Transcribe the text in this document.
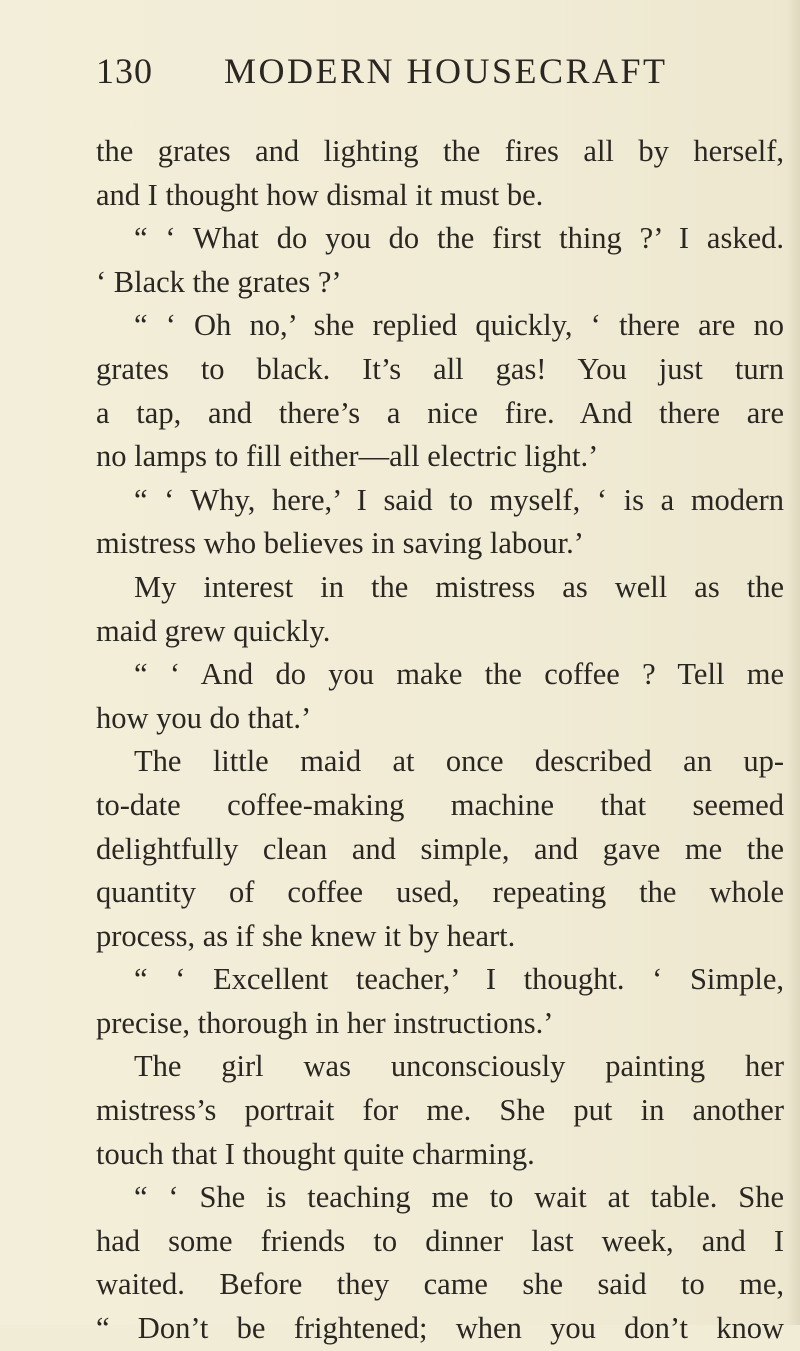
130 MODERN HOUSECRAFT
the grates and lighting the fires all by herself,
and I thought how dismal it must be.
“ ‘ What do you do the first thing ?’ I asked.
‘ Black the grates ?’
“ ‘ Oh no,’ she replied quickly, ‘ there are no
grates to black. It’s all gas! You just turn
a tap, and there’s a nice fire. And there are
no lamps to fill either—all electric light.’
“ ‘ Why, here,’ I said to myself, ‘ is a modern
mistress who believes in saving labour.’
My interest in the mistress as well as the
maid grew quickly.
“ ‘ And do you make the coffee ? Tell me
how you do that.’
The little maid at once described an up-
to-date coffee-making machine that seemed
delightfully clean and simple, and gave me the
quantity of coffee used, repeating the whole
process, as if she knew it by heart.
“ ‘ Excellent teacher,’ I thought. ‘ Simple,
precise, thorough in her instructions.’
The girl was unconsciously painting her
mistress’s portrait for me. She put in another
touch that I thought quite charming.
“ ‘ She is teaching me to wait at table. She
had some friends to dinner last week, and I
waited. Before they came she said to me,
“ Don’t be frightened; when you don’t know
